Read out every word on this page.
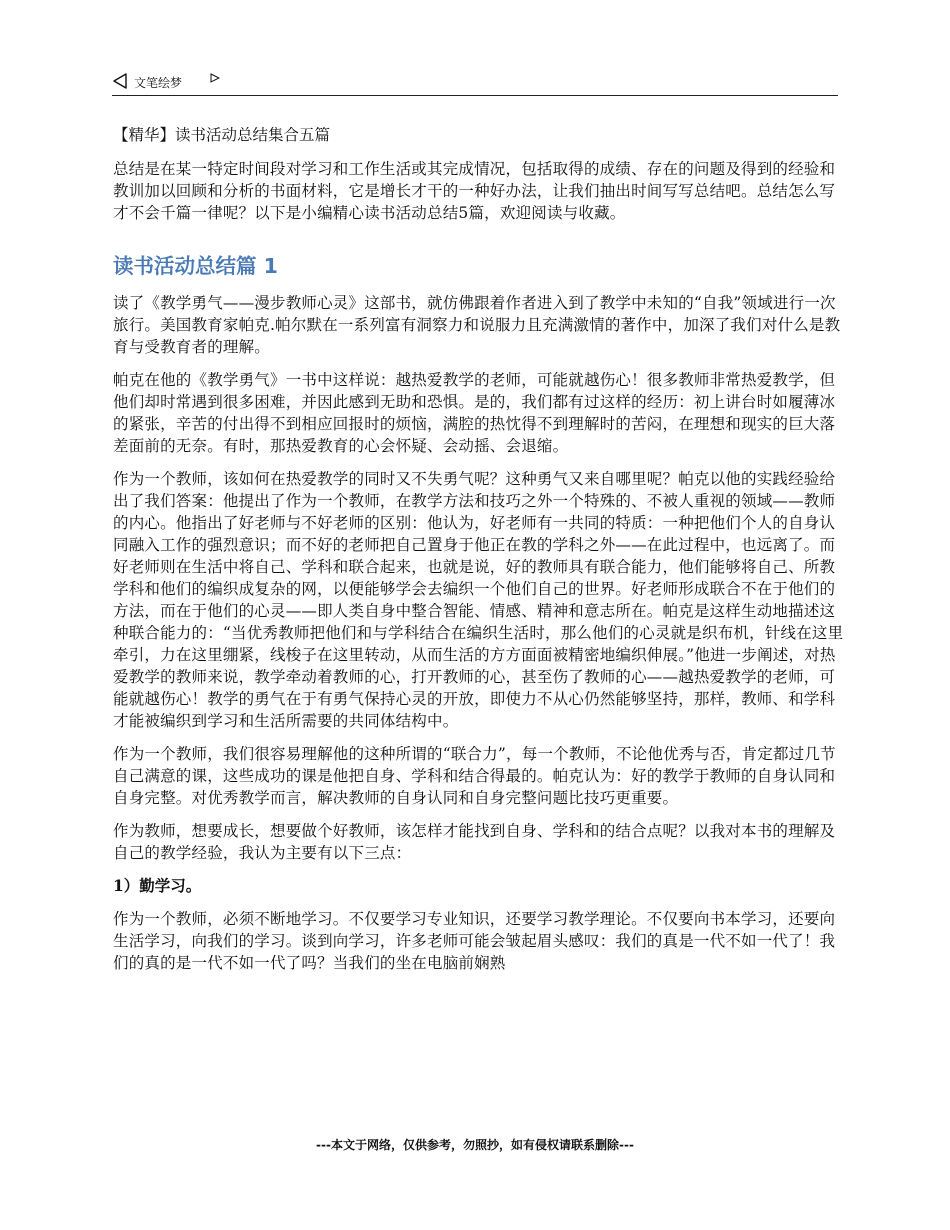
文笔绘梦
【精华】读书活动总结集合五篇

总结是在某一特定时间段对学习和工作生活或其完成情况，包括取得的成绩、存在的问题及得到的经验和教训加以回顾和分析的书面材料，它是增长才干的一种好办法，让我们抽出时间写写总结吧。总结怎么写才不会千篇一律呢？以下是小编精心读书活动总结5篇，欢迎阅读与收藏。

读书活动总结篇 1

读了《教学勇气——漫步教师心灵》这部书，就仿佛跟着作者进入到了教学中未知的“自我”领域进行一次旅行。美国教育家帕克.帕尔默在一系列富有洞察力和说服力且充满激情的著作中，加深了我们对什么是教育与受教育者的理解。

帕克在他的《教学勇气》一书中这样说：越热爱教学的老师，可能就越伤心！很多教师非常热爱教学，但他们却时常遇到很多困难，并因此感到无助和恐惧。是的，我们都有过这样的经历：初上讲台时如履薄冰的紧张，辛苦的付出得不到相应回报时的烦恼，满腔的热忱得不到理解时的苦闷，在理想和现实的巨大落差面前的无奈。有时，那热爱教育的心会怀疑、会动摇、会退缩。

作为一个教师，该如何在热爱教学的同时又不失勇气呢？这种勇气又来自哪里呢？帕克以他的实践经验给出了我们答案：他提出了作为一个教师，在教学方法和技巧之外一个特殊的、不被人重视的领域——教师的内心。他指出了好老师与不好老师的区别：他认为，好老师有一共同的特质：一种把他们个人的自身认同融入工作的强烈意识；而不好的老师把自己置身于他正在教的学科之外——在此过程中，也远离了。而好老师则在生活中将自己、学科和联合起来，也就是说，好的教师具有联合能力，他们能够将自己、所教学科和他们的编织成复杂的网，以便能够学会去编织一个他们自己的世界。好老师形成联合不在于他们的方法，而在于他们的心灵——即人类自身中整合智能、情感、精神和意志所在。帕克是这样生动地描述这种联合能力的：“当优秀教师把他们和与学科结合在编织生活时，那么他们的心灵就是织布机，针线在这里牵引，力在这里绷紧，线梭子在这里转动，从而生活的方方面面被精密地编织伸展。”他进一步阐述，对热爱教学的教师来说，教学牵动着教师的心，打开教师的心，甚至伤了教师的心——越热爱教学的老师，可能就越伤心！教学的勇气在于有勇气保持心灵的开放，即使力不从心仍然能够坚持，那样，教师、和学科才能被编织到学习和生活所需要的共同体结构中。

作为一个教师，我们很容易理解他的这种所谓的“联合力”，每一个教师，不论他优秀与否，肯定都过几节自己满意的课，这些成功的课是他把自身、学科和结合得最的。帕克认为：好的教学于教师的自身认同和自身完整。对优秀教学而言，解决教师的自身认同和自身完整问题比技巧更重要。

作为教师，想要成长，想要做个好教师，该怎样才能找到自身、学科和的结合点呢？以我对本书的理解及自己的教学经验，我认为主要有以下三点：

1）勤学习。

作为一个教师，必须不断地学习。不仅要学习专业知识，还要学习教学理论。不仅要向书本学习，还要向生活学习，向我们的学习。谈到向学习，许多老师可能会皱起眉头感叹：我们的真是一代不如一代了！我们的真的是一代不如一代了吗？当我们的坐在电脑前娴熟

---本文于网络，仅供参考，勿照抄，如有侵权请联系删除---
